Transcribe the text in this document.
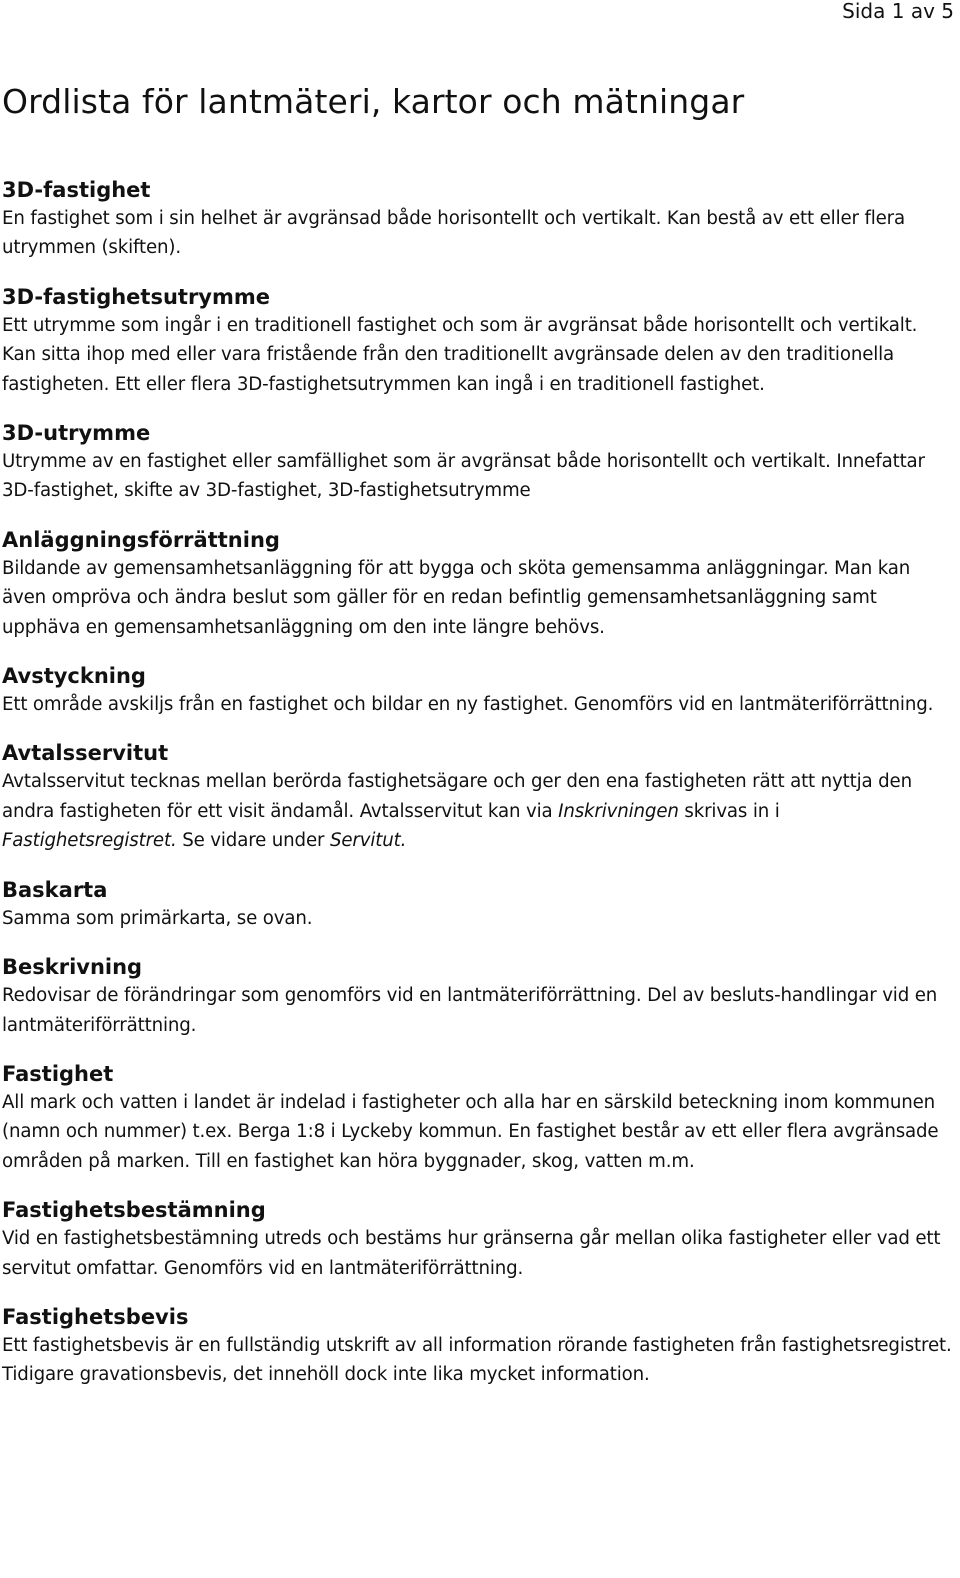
Sida 1 av 5
Ordlista för lantmäteri, kartor och mätningar
3D-fastighet
En fastighet som i sin helhet är avgränsad både horisontellt och vertikalt. Kan bestå av ett eller flera utrymmen (skiften).
3D-fastighetsutrymme
Ett utrymme som ingår i en traditionell fastighet och som är avgränsat både horisontellt och vertikalt. Kan sitta ihop med eller vara fristående från den traditionellt avgränsade delen av den traditionella fastigheten. Ett eller flera 3D-fastighetsutrymmen kan ingå i en traditionell fastighet.
3D-utrymme
Utrymme av en fastighet eller samfällighet som är avgränsat både horisontellt och vertikalt. Innefattar 3D-fastighet, skifte av 3D-fastighet, 3D-fastighetsutrymme
Anläggningsförrättning
Bildande av gemensamhetsanläggning för att bygga och sköta gemensamma anläggningar. Man kan även ompröva och ändra beslut som gäller för en redan befintlig gemensamhetsanläggning samt upphäva en gemensamhetsanläggning om den inte längre behövs.
Avstyckning
Ett område avskiljs från en fastighet och bildar en ny fastighet. Genomförs vid en lantmäteriförrättning.
Avtalsservitut
Avtalsservitut tecknas mellan berörda fastighetsägare och ger den ena fastigheten rätt att nyttja den andra fastigheten för ett visit ändamål. Avtalsservitut kan via Inskrivningen skrivas in i Fastighetsregistret. Se vidare under Servitut.
Baskarta
Samma som primärkarta, se ovan.
Beskrivning
Redovisar de förändringar som genomförs vid en lantmäteriförrättning. Del av besluts-handlingar vid en lantmäteriförrättning.
Fastighet
All mark och vatten i landet är indelad i fastigheter och alla har en särskild beteckning inom kommunen (namn och nummer) t.ex. Berga 1:8 i Lyckeby kommun. En fastighet består av ett eller flera avgränsade områden på marken. Till en fastighet kan höra byggnader, skog, vatten m.m.
Fastighetsbestämning
Vid en fastighetsbestämning utreds och bestäms hur gränserna går mellan olika fastigheter eller vad ett servitut omfattar. Genomförs vid en lantmäteriförrättning.
Fastighetsbevis
Ett fastighetsbevis är en fullständig utskrift av all information rörande fastigheten från fastighetsregistret. Tidigare gravationsbevis, det innehöll dock inte lika mycket information.
